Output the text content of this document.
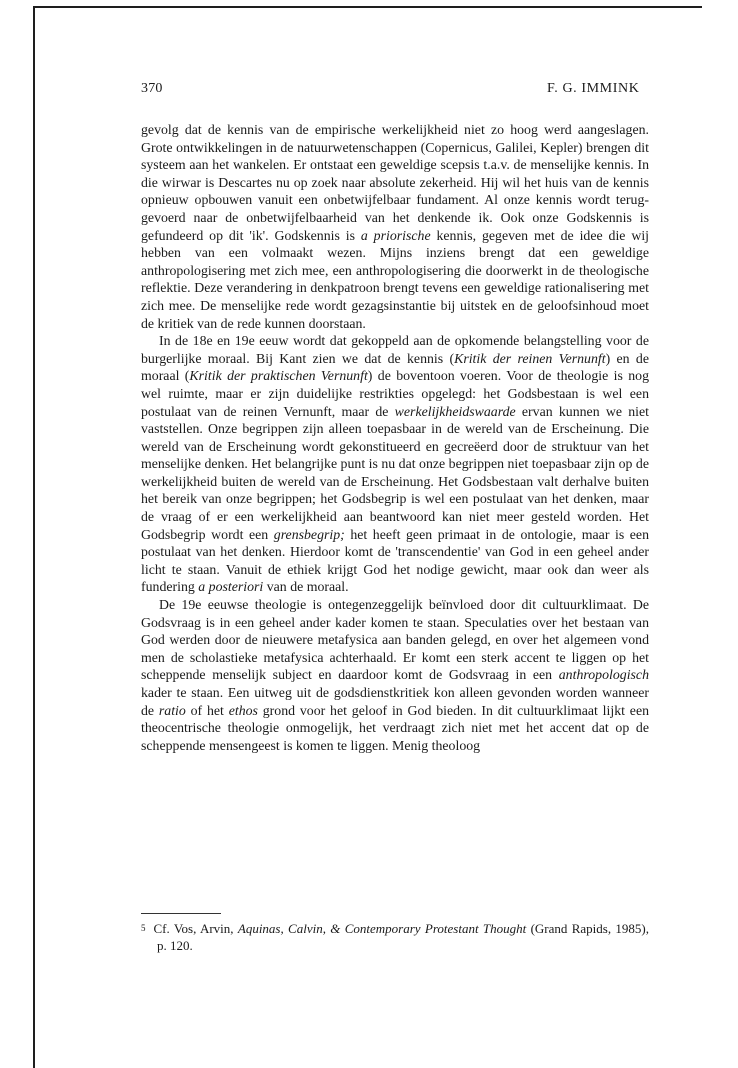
370	F. G. IMMINK

gevolg dat de kennis van de empirische werkelijkheid niet zo hoog werd aangeslagen. Grote ontwikkelingen in de natuurwetenschappen (Copernicus, Galilei, Kepler) brengen dit systeem aan het wankelen. Er ontstaat een geweldige scepsis t.a.v. de menselijke kennis. In die wirwar is Descartes nu op zoek naar absolute zekerheid. Hij wil het huis van de kennis opnieuw opbouwen vanuit een onbetwijfelbaar fundament. Al onze kennis wordt teruggevoerd naar de onbetwijfelbaarheid van het denkende ik. Ook onze Godskennis is gefundeerd op dit 'ik'. Godskennis is a priorische kennis, gegeven met de idee die wij hebben van een volmaakt wezen. Mijns inziens brengt dat een geweldige anthropologisering met zich mee, een anthropologisering die doorwerkt in de theologische reflektie. Deze verandering in denkpatroon brengt tevens een geweldige rationalisering met zich mee. De menselijke rede wordt gezagsinstantie bij uitstek en de geloofsinhoud moet de kritiek van de rede kunnen doorstaan.

In de 18e en 19e eeuw wordt dat gekoppeld aan de opkomende belangstelling voor de burgerlijke moraal. Bij Kant zien we dat de kennis (Kritik der reinen Vernunft) en de moraal (Kritik der praktischen Vernunft) de boventoon voeren. Voor de theologie is nog wel ruimte, maar er zijn duidelijke restrikties opgelegd: het Godsbestaan is wel een postulaat van de reinen Vernunft, maar de werkelijkheidswaarde ervan kunnen we niet vaststellen. Onze begrippen zijn alleen toepasbaar in de wereld van de Erscheinung. Die wereld van de Erscheinung wordt gekonstitueerd en gecreëerd door de struktuur van het menselijke denken. Het belangrijke punt is nu dat onze begrippen niet toepasbaar zijn op de werkelijkheid buiten de wereld van de Erscheinung. Het Godsbestaan valt derhalve buiten het bereik van onze begrippen; het Godsbegrip is wel een postulaat van het denken, maar de vraag of er een werkelijkheid aan beantwoord kan niet meer gesteld worden. Het Godsbegrip wordt een grensbegrip; het heeft geen primaat in de ontologie, maar is een postulaat van het denken. Hierdoor komt de 'transcendentie' van God in een geheel ander licht te staan. Vanuit de ethiek krijgt God het nodige gewicht, maar ook dan weer als fundering a posteriori van de moraal.

De 19e eeuwse theologie is ontegenzeggelijk beïnvloed door dit cultuurklimaat. De Godsvraag is in een geheel ander kader komen te staan. Speculaties over het bestaan van God werden door de nieuwere metafysica aan banden gelegd, en over het algemeen vond men de scholastieke metafysica achterhaald. Er komt een sterk accent te liggen op het scheppende menselijk subject en daardoor komt de Godsvraag in een anthropologisch kader te staan. Een uitweg uit de godsdienstkritiek kon alleen gevonden worden wanneer de ratio of het ethos grond voor het geloof in God bieden. In dit cultuurklimaat lijkt een theocentrische theologie onmogelijk, het verdraagt zich niet met het accent dat op de scheppende mensengeest is komen te liggen. Menig theoloog

5 Cf. Vos, Arvin, Aquinas, Calvin, & Contemporary Protestant Thought (Grand Rapids, 1985), p. 120.
